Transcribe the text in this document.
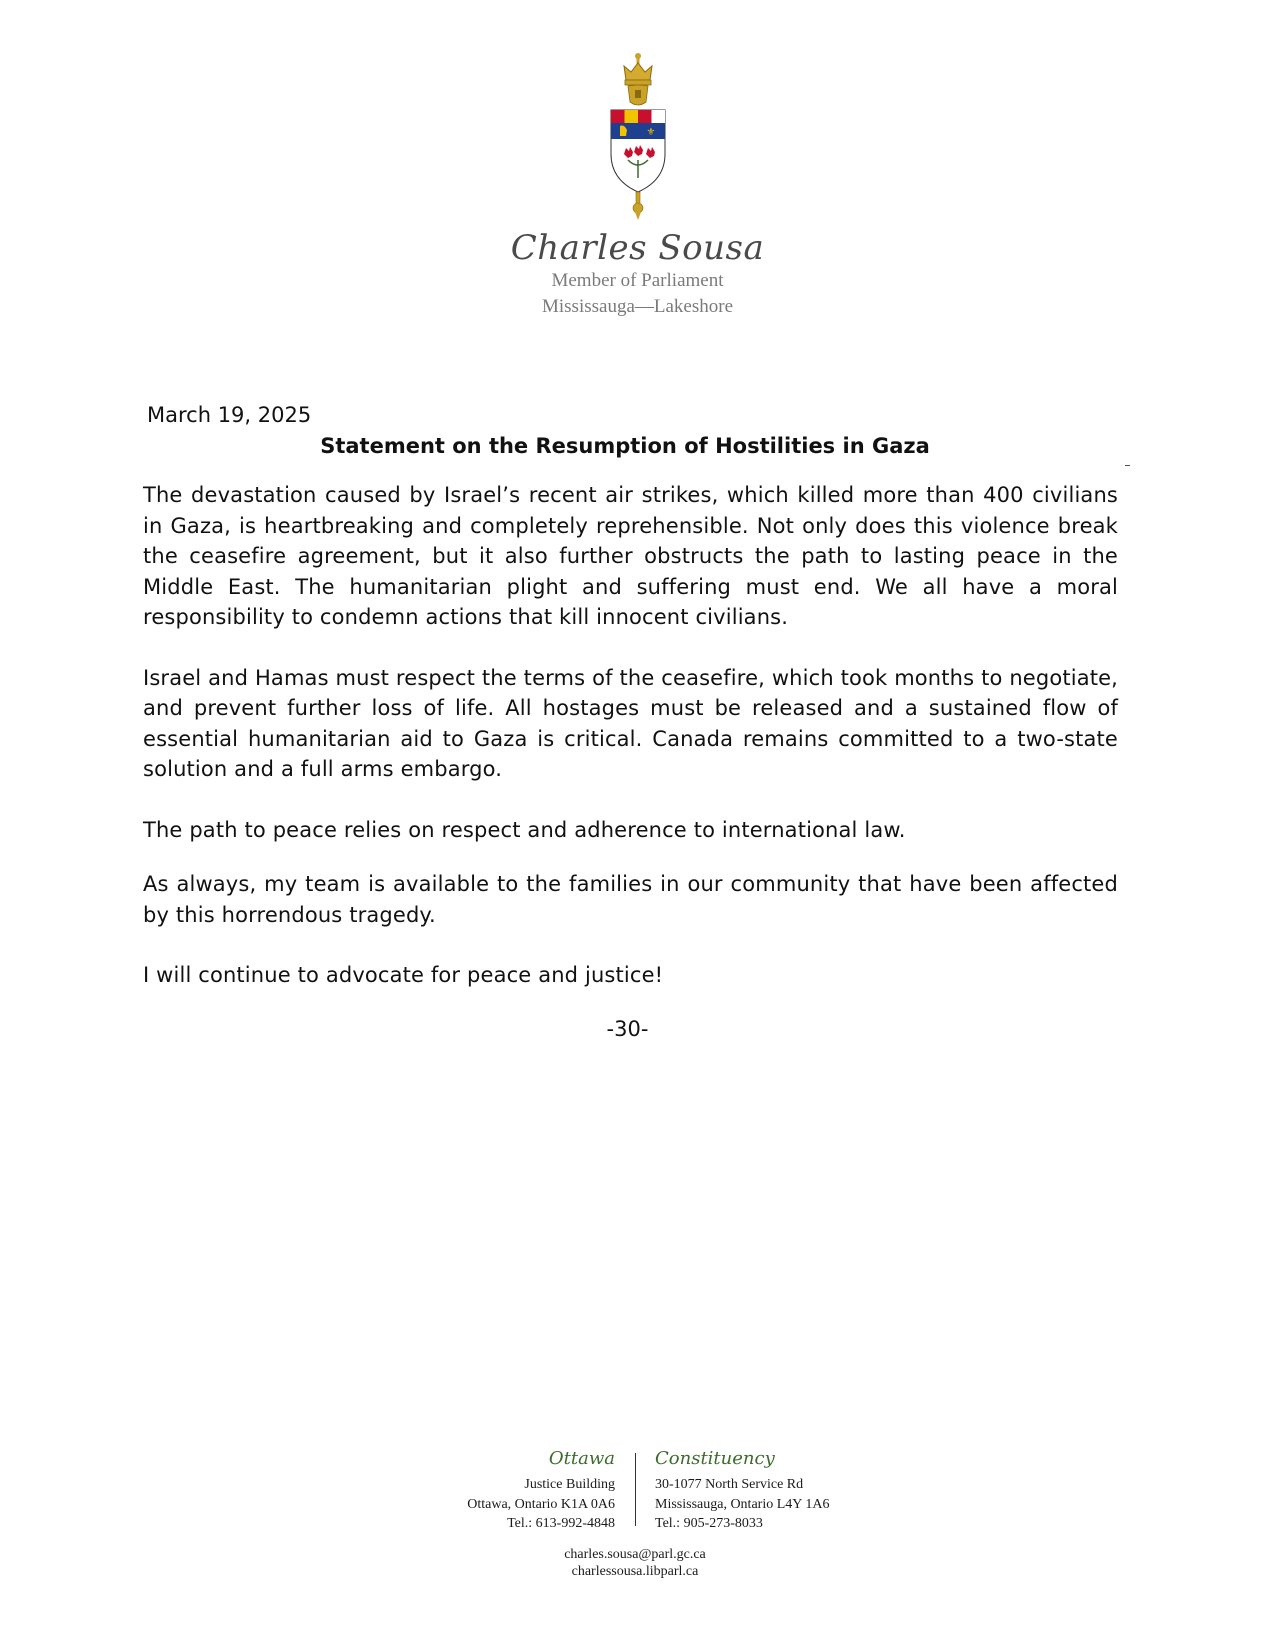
⚜
Charles Sousa
Member of Parliament
Mississauga—Lakeshore
March 19, 2025
Statement on the Resumption of Hostilities in Gaza

The devastation caused by Israel’s recent air strikes, which killed more than 400 civilians in Gaza, is heartbreaking and completely reprehensible. Not only does this violence break the ceasefire agreement, but it also further obstructs the path to lasting peace in the Middle East. The humanitarian plight and suffering must end. We all have a moral responsibility to condemn actions that kill innocent civilians.

Israel and Hamas must respect the terms of the ceasefire, which took months to negotiate, and prevent further loss of life. All hostages must be released and a sustained flow of essential humanitarian aid to Gaza is critical. Canada remains committed to a two-state solution and a full arms embargo.

The path to peace relies on respect and adherence to international law.

As always, my team is available to the families in our community that have been affected by this horrendous tragedy.

I will continue to advocate for peace and justice!

-30-
Ottawa
Justice Building
Ottawa, Ontario K1A 0A6
Tel.: 613-992-4848
Constituency
30-1077 North Service Rd
Mississauga, Ontario L4Y 1A6
Tel.: 905-273-8033
charles.sousa@parl.gc.ca
charlessousa.libparl.ca
